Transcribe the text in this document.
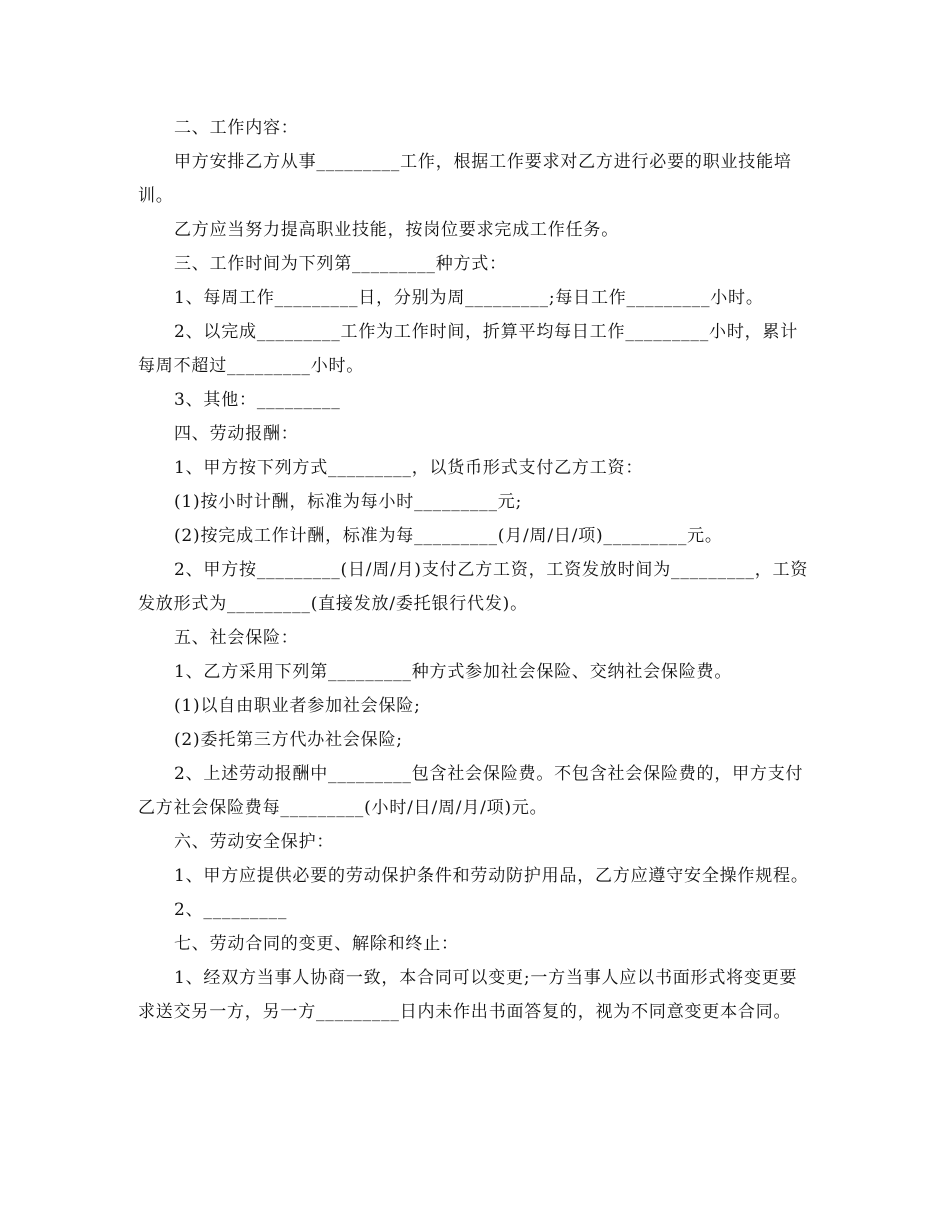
二、工作内容：

甲方安排乙方从事_________工作，根据工作要求对乙方进行必要的职业技能培训。

乙方应当努力提高职业技能，按岗位要求完成工作任务。

三、工作时间为下列第_________种方式：

1、每周工作_________日，分别为周_________;每日工作_________小时。

2、以完成_________工作为工作时间，折算平均每日工作_________小时，累计每周不超过_________小时。

3、其他：_________

四、劳动报酬：

1、甲方按下列方式_________，以货币形式支付乙方工资：

(1)按小时计酬，标准为每小时_________元;

(2)按完成工作计酬，标准为每_________(月/周/日/项)_________元。

2、甲方按_________(日/周/月)支付乙方工资，工资发放时间为_________，工资发放形式为_________(直接发放/委托银行代发)。

五、社会保险：

1、乙方采用下列第_________种方式参加社会保险、交纳社会保险费。

(1)以自由职业者参加社会保险;

(2)委托第三方代办社会保险;

2、上述劳动报酬中_________包含社会保险费。不包含社会保险费的，甲方支付乙方社会保险费每_________(小时/日/周/月/项)元。

六、劳动安全保护：

1、甲方应提供必要的劳动保护条件和劳动防护用品，乙方应遵守安全操作规程。

2、_________

七、劳动合同的变更、解除和终止：

1、经双方当事人协商一致，本合同可以变更;一方当事人应以书面形式将变更要求送交另一方，另一方_________日内未作出书面答复的，视为不同意变更本合同。
